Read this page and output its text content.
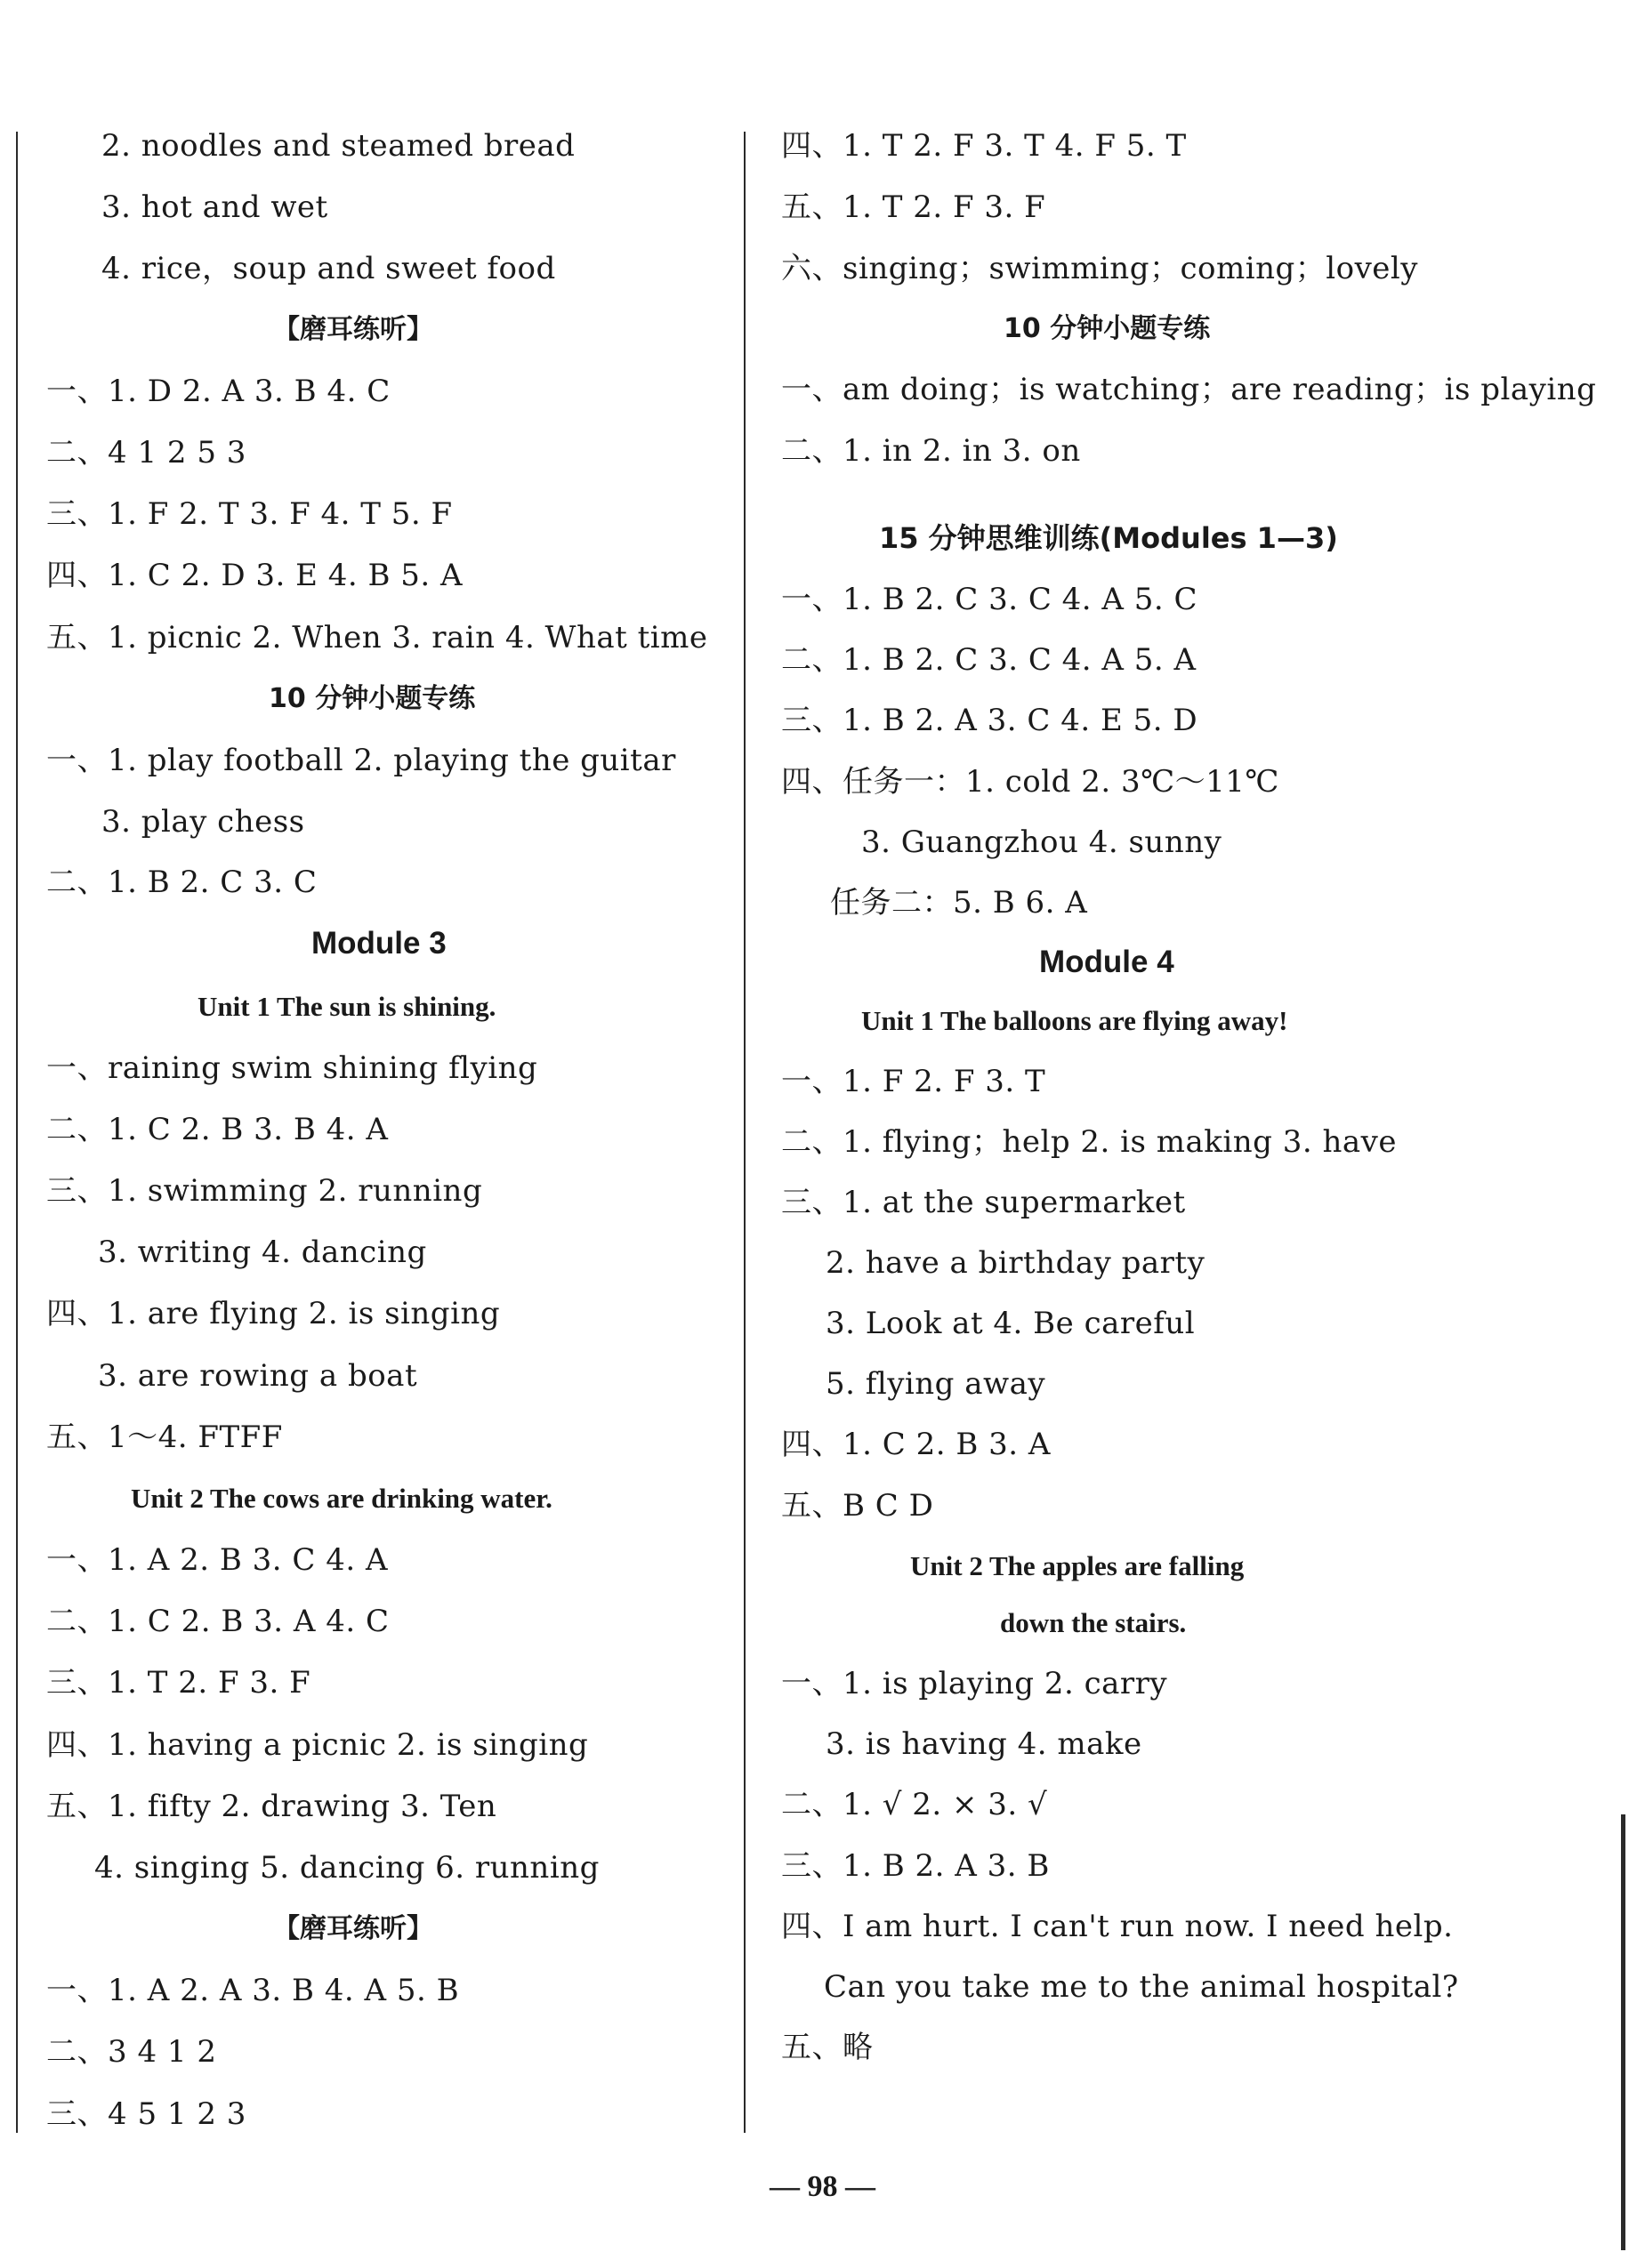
2. noodles and steamed bread
3. hot and wet
4. rice，soup and sweet food
【磨耳练听】
一、1. D 2. A 3. B 4. C
二、4 1 2 5 3
三、1. F 2. T 3. F 4. T 5. F
四、1. C 2. D 3. E 4. B 5. A
五、1. picnic 2. When 3. rain 4. What time
10 分钟小题专练
一、1. play football 2. playing the guitar
3. play chess
二、1. B 2. C 3. C
Module 3
Unit 1 The sun is shining.
一、raining swim shining flying
二、1. C 2. B 3. B 4. A
三、1. swimming 2. running
3. writing 4. dancing
四、1. are flying 2. is singing
3. are rowing a boat
五、1～4. FTFF
Unit 2 The cows are drinking water.
一、1. A 2. B 3. C 4. A
二、1. C 2. B 3. A 4. C
三、1. T 2. F 3. F
四、1. having a picnic 2. is singing
五、1. fifty 2. drawing 3. Ten
4. singing 5. dancing 6. running
【磨耳练听】
一、1. A 2. A 3. B 4. A 5. B
二、3 4 1 2
三、4 5 1 2 3
四、1. T 2. F 3. T 4. F 5. T
五、1. T 2. F 3. F
六、singing；swimming；coming；lovely
10 分钟小题专练
一、am doing；is watching；are reading；is playing
二、1. in 2. in 3. on
15 分钟思维训练(Modules 1—3)
一、1. B 2. C 3. C 4. A 5. C
二、1. B 2. C 3. C 4. A 5. A
三、1. B 2. A 3. C 4. E 5. D
四、任务一：1. cold 2. 3℃～11℃
3. Guangzhou 4. sunny
任务二：5. B 6. A
Module 4
Unit 1 The balloons are flying away!
一、1. F 2. F 3. T
二、1. flying；help 2. is making 3. have
三、1. at the supermarket
2. have a birthday party
3. Look at 4. Be careful
5. flying away
四、1. C 2. B 3. A
五、B C D
Unit 2 The apples are falling
down the stairs.
一、1. is playing 2. carry
3. is having 4. make
二、1. √ 2. × 3. √
三、1. B 2. A 3. B
四、I am hurt. I can't run now. I need help.
Can you take me to the animal hospital?
五、略
— 98 —
